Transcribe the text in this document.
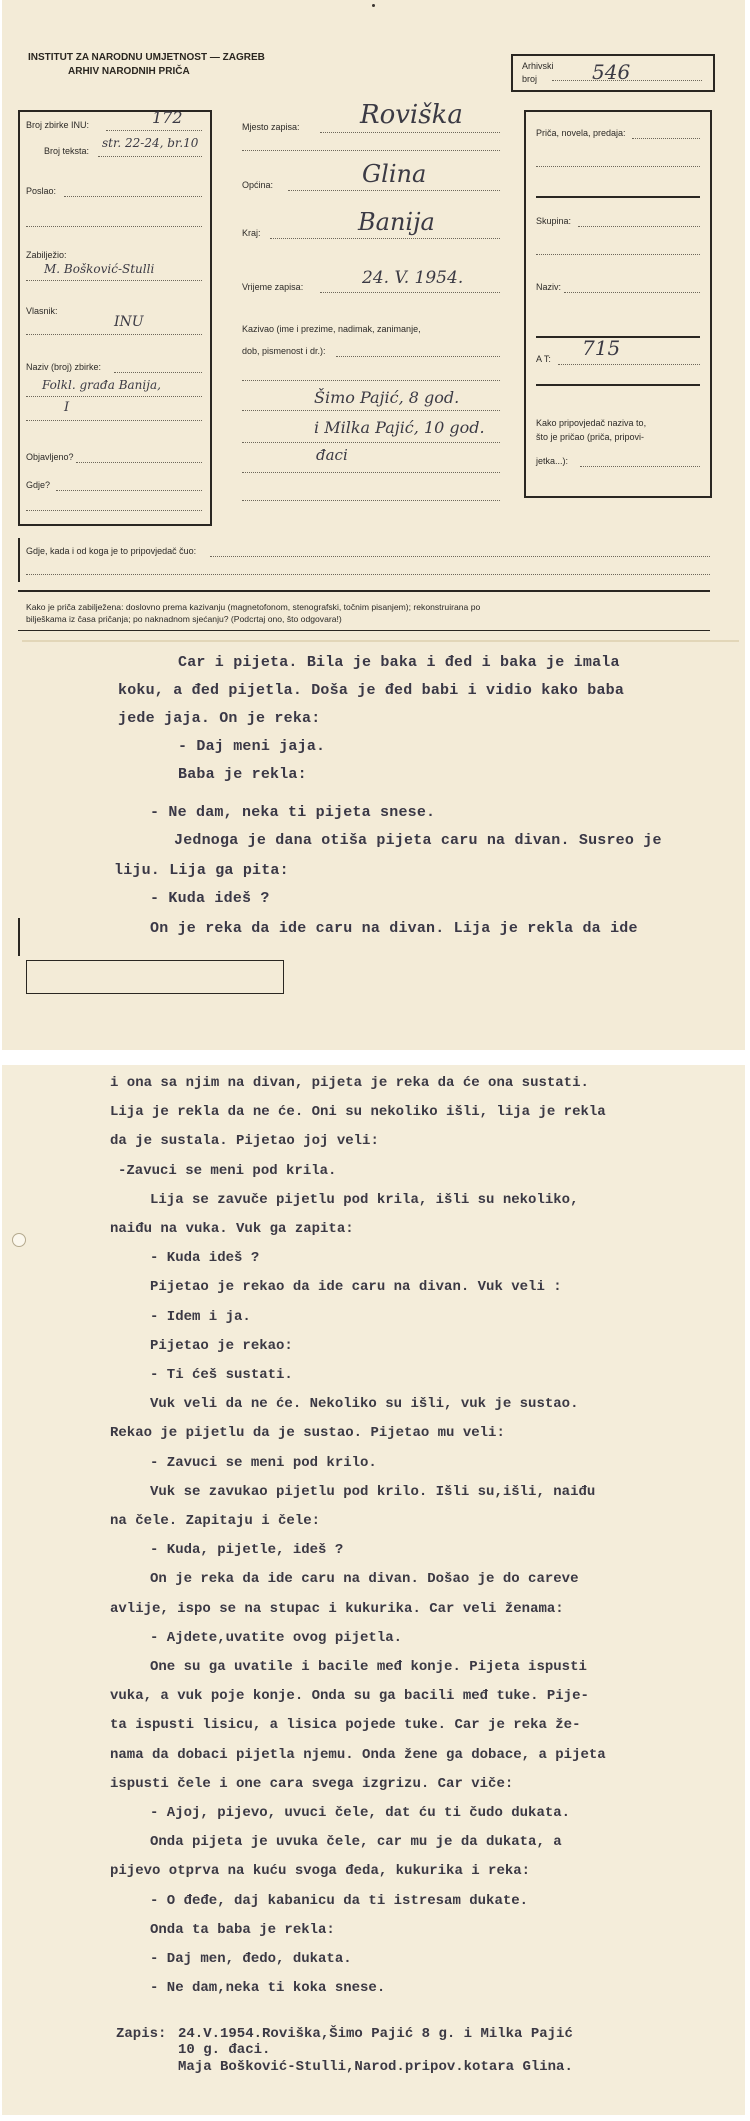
INSTITUT ZA NARODNU UMJETNOST — ZAGREB
ARHIV NARODNIH PRIČA	Arhivski
broj	546
Broj zbirke INU:	172
Broj teksta:
str. 22-24, br.10
Poslao:
Zabilježio:
M. Bošković-Stulli
Vlasnik:
INU
Naziv (broj) zbirke:
Folkl. građa Banija,
I
Objavljeno?
Gdje?
Mjesto zapisa: Roviška
Općina:	Glina
Kraj:	Banija
Vrijeme zapisa:	24. V. 1954.
Kazivao (ime i prezime, nadimak, zanimanje,
dob, pismenost i dr.):
Šimo Pajić, 8 god.
i Milka Pajić, 10 god.
đaci
Priča, novela, predaja:
Skupina:
Naziv:
A T: 715
Kako pripovjedač naziva to,
što je pričao (priča, pripovi-
jetka...):
Gdje, kada i od koga je to pripovjedač čuo:
Kako je priča zabilježena: doslovno prema kazivanju (magnetofonom, stenografski, točnim pisanjem); rekonstruirana po
bilješkama iz časa pričanja; po naknadnom sjećanju? (Podcrtaj ono, što odgovara!)
Car i pijeta. Bila je baka i đed i baka je imala
koku, a đed pijetla. Doša je đed babi i vidio kako baba
jede jaja. On je reka:
- Daj meni jaja.
Baba je rekla:
- Ne dam, neka ti pijeta snese.
Jednoga je dana otiša pijeta caru na divan. Susreo je
liju. Lija ga pita:
- Kuda ideš ?
On je reka da ide caru na divan. Lija je rekla da ide
i ona sa njim na divan, pijeta je reka da će ona sustati.
Lija je rekla da ne će. Oni su nekoliko išli, lija je rekla
da je sustala. Pijetao joj veli:
-Zavuci se meni pod krila.
Lija se zavuče pijetlu pod krila, išli su nekoliko,
naiđu na vuka. Vuk ga zapita:
- Kuda ideš ?
Pijetao je rekao da ide caru na divan. Vuk veli :
- Idem i ja.
Pijetao je rekao:
- Ti ćeš sustati.
Vuk veli da ne će. Nekoliko su išli, vuk je sustao.
Rekao je pijetlu da je sustao. Pijetao mu veli:
- Zavuci se meni pod krilo.
Vuk se zavukao pijetlu pod krilo. Išli su,išli, naiđu
na čele. Zapitaju i čele:
- Kuda, pijetle, ideš ?
On je reka da ide caru na divan. Došao je do careve
avlije, ispo se na stupac i kukurika. Car veli ženama:
- Ajdete,uvatite ovog pijetla.
One su ga uvatile i bacile međ konje. Pijeta ispusti
vuka, a vuk poje konje. Onda su ga bacili međ tuke. Pije-
ta ispusti lisicu, a lisica pojede tuke. Car je reka že-
nama da dobaci pijetla njemu. Onda žene ga dobace, a pijeta
ispusti čele i one cara svega izgrizu. Car viče:
- Ajoj, pijevo, uvuci čele, dat ću ti čudo dukata.
Onda pijeta je uvuka čele, car mu je da dukata, a
pijevo otprva na kuću svoga đeda, kukurika i reka:
- O đeđe, daj kabanicu da ti istresam dukate.
Onda ta baba je rekla:
- Daj men, đedo, dukata.
- Ne dam,neka ti koka snese.
Zapis: 24.V.1954.Roviška,Šimo Pajić 8 g. i Milka Pajić
10 g. đaci.
Maja Bošković-Stulli,Narod.pripov.kotara Glina.
